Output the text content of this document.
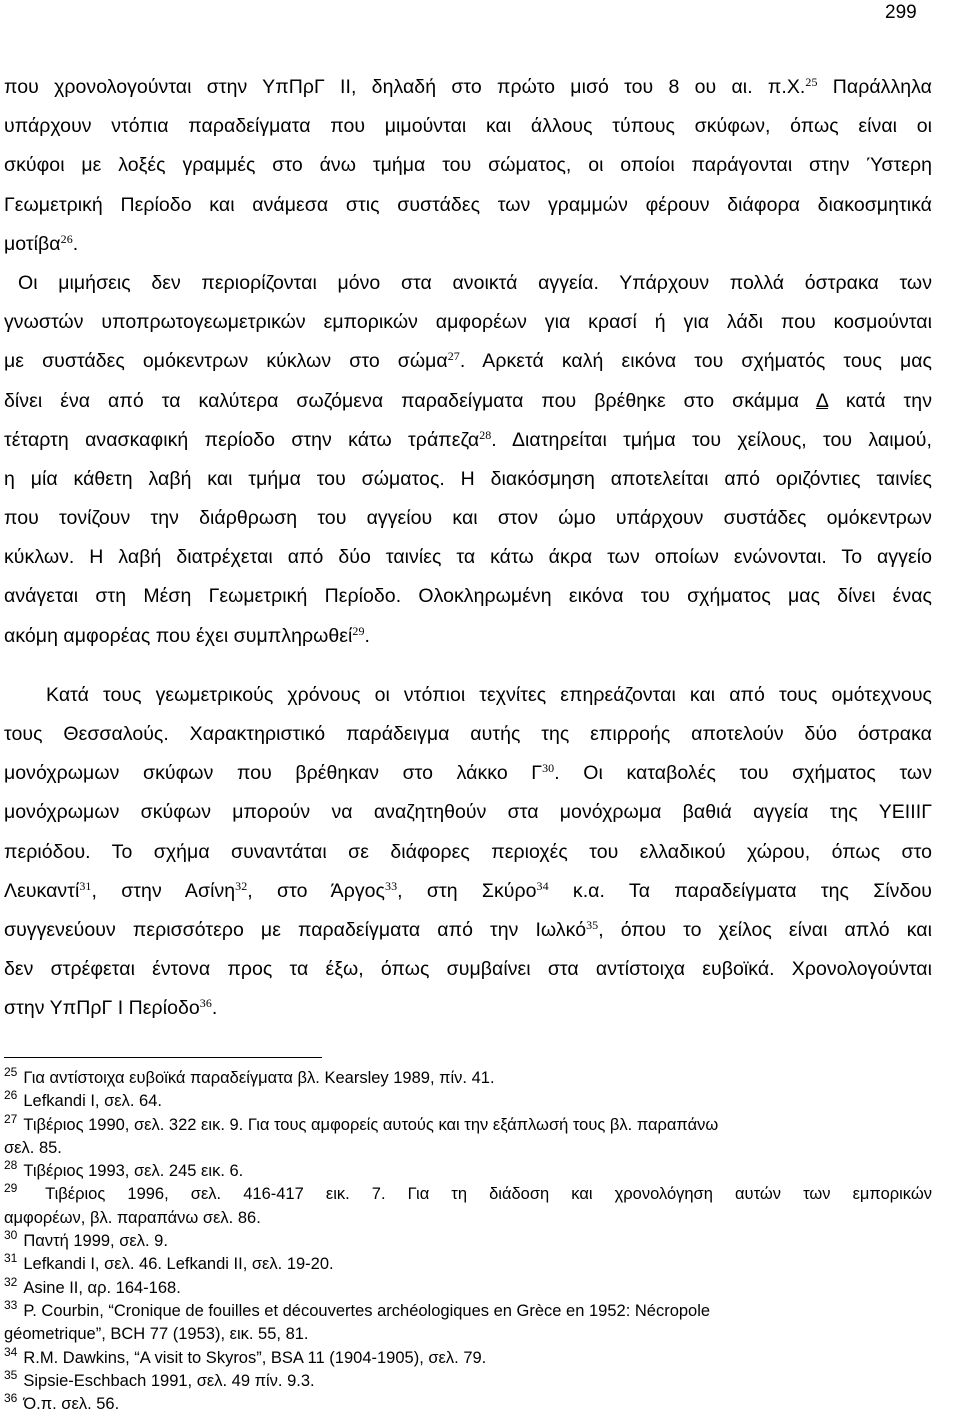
299
που χρονολογούνται στην ΥπΠρΓ ΙΙ, δηλαδή στο πρώτο μισό του 8 ου αι. π.Χ.$^{25}$ Παράλληλα
υπάρχουν ντόπια παραδείγματα που μιμούνται και άλλους τύπους σκύφων, όπως είναι οι
σκύφοι με λοξές γραμμές στο άνω τμήμα του σώματος, οι οποίοι παράγονται στην Ύστερη
Γεωμετρική Περίοδο και ανάμεσα στις συστάδες των γραμμών φέρουν διάφορα διακοσμητικά
μοτίβα$^{26}$.
Οι μιμήσεις δεν περιορίζονται μόνο στα ανοικτά αγγεία. Υπάρχουν πολλά όστρακα των
γνωστών υποπρωτογεωμετρικών εμπορικών αμφορέων για κρασί ή για λάδι που κοσμούνται
με συστάδες ομόκεντρων κύκλων στο σώμα$^{27}$. Αρκετά καλή εικόνα του σχήματός τους μας
δίνει ένα από τα καλύτερα σωζόμενα παραδείγματα που βρέθηκε στο σκάμμα Δ κατά την
τέταρτη ανασκαφική περίοδο στην κάτω τράπεζα$^{28}$. Διατηρείται τμήμα του χείλους, του λαιμού,
η μία κάθετη λαβή και τμήμα του σώματος. Η διακόσμηση αποτελείται από οριζόντιες ταινίες
που τονίζουν την διάρθρωση του αγγείου και στον ώμο υπάρχουν συστάδες ομόκεντρων
κύκλων. Η λαβή διατρέχεται από δύο ταινίες τα κάτω άκρα των οποίων ενώνονται. Το αγγείο
ανάγεται στη Μέση Γεωμετρική Περίοδο. Ολοκληρωμένη εικόνα του σχήματος μας δίνει ένας
ακόμη αμφορέας που έχει συμπληρωθεί$^{29}$.
Κατά τους γεωμετρικούς χρόνους οι ντόπιοι τεχνίτες επηρεάζονται και από τους ομότεχνους
τους Θεσσαλούς. Χαρακτηριστικό παράδειγμα αυτής της επιρροής αποτελούν δύο όστρακα
μονόχρωμων σκύφων που βρέθηκαν στο λάκκο $\Gamma^{30}$. Οι καταβολές του σχήματος των
μονόχρωμων σκύφων μπορούν να αναζητηθούν στα μονόχρωμα βαθιά αγγεία της ΥΕΙΙΙΓ
περιόδου. Το σχήμα συναντάται σε διάφορες περιοχές του ελλαδικού χώρου, όπως στο
Λευκαντί$^{31}$, στην Ασίνη$^{32}$, στο Άργος$^{33}$, στη Σκύρο$^{34}$ κ.α. Τα παραδείγματα της Σίνδου
συγγενεύουν περισσότερο με παραδείγματα από την Ιωλκό$^{35}$, όπου το χείλος είναι απλό και
δεν στρέφεται έντονα προς τα έξω, όπως συμβαίνει στα αντίστοιχα ευβοϊκά. Χρονολογούνται
στην ΥπΠρΓ Ι Περίοδο$^{36}$.
$^{25}$ Για αντίστοιχα ευβοϊκά παραδείγματα βλ. Kearsley 1989, πίν. 41.
$^{26}$ Lefkandi I, σελ. 64.
$^{27}$ Τιβέριος 1990, σελ. 322 εικ. 9. Για τους αμφορείς αυτούς και την εξάπλωσή τους βλ. παραπάνω
σελ. 85.
$^{28}$ Τιβέριος 1993, σελ. 245 εικ. 6.
$^{29}$ Τιβέριος 1996, σελ. 416-417 εικ. 7. Για τη διάδοση και χρονολόγηση αυτών των εμπορικών
αμφορέων, βλ. παραπάνω σελ. 86.
$^{30}$ Παντή 1999, σελ. 9.
$^{31}$ Lefkandi I, σελ. 46. Lefkandi II, σελ. 19-20.
$^{32}$ Asine II, αρ. 164-168.
$^{33}$ P. Courbin, “Cronique de fouilles et découvertes archéologiques en Grèce en 1952: Nécropole
géometrique”, BCH 77 (1953), εικ. 55, 81.
$^{34}$ R.M. Dawkins, “A visit to Skyros”, BSA 11 (1904-1905), σελ. 79.
$^{35}$ Sipsie-Eschbach 1991, σελ. 49 πίν. 9.3.
$^{36}$ Ό.π. σελ. 56.
